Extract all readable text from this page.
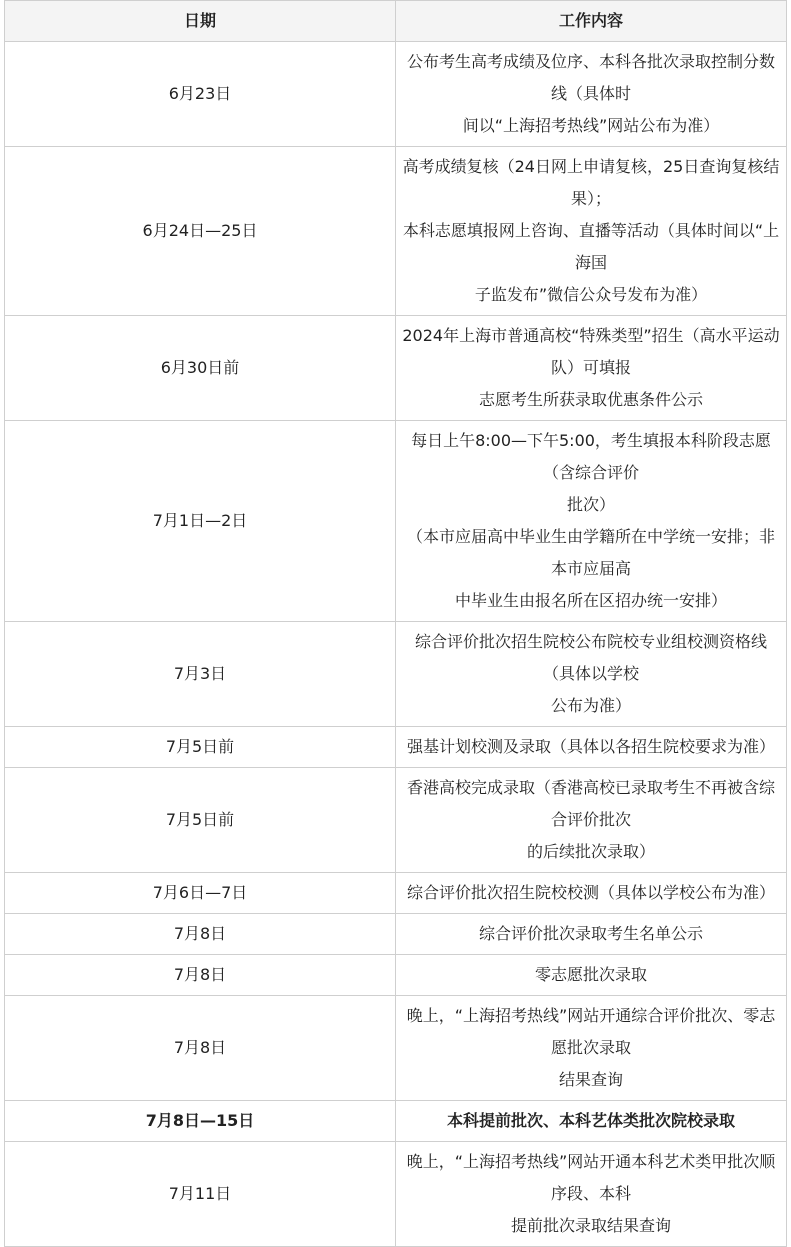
日期	工作内容
6月23日	公布考生高考成绩及位序、本科各批次录取控制分数线（具体时
间以“上海招考热线”网站公布为准）

6月24日—25日	高考成绩复核（24日网上申请复核，25日查询复核结果）；
本科志愿填报网上咨询、直播等活动（具体时间以“上海国
子监发布”微信公众号发布为准）

6月30日前	2024年上海市普通高校“特殊类型”招生（高水平运动队）可填报
志愿考生所获录取优惠条件公示

7月1日—2日	每日上午8:00—下午5:00，考生填报本科阶段志愿（含综合评价
批次）
（本市应届高中毕业生由学籍所在中学统一安排；非本市应届高
中毕业生由报名所在区招办统一安排）

7月3日	综合评价批次招生院校公布院校专业组校测资格线（具体以学校
公布为准）

7月5日前	强基计划校测及录取（具体以各招生院校要求为准）

7月5日前	香港高校完成录取（香港高校已录取考生不再被含综合评价批次
的后续批次录取）

7月6日—7日	综合评价批次招生院校校测（具体以学校公布为准）

7月8日	综合评价批次录取考生名单公示

7月8日	零志愿批次录取

7月8日	晚上，“上海招考热线”网站开通综合评价批次、零志愿批次录取
结果查询

7月8日—15日	本科提前批次、本科艺体类批次院校录取

7月11日	晚上，“上海招考热线”网站开通本科艺术类甲批次顺序段、本科
提前批次录取结果查询
